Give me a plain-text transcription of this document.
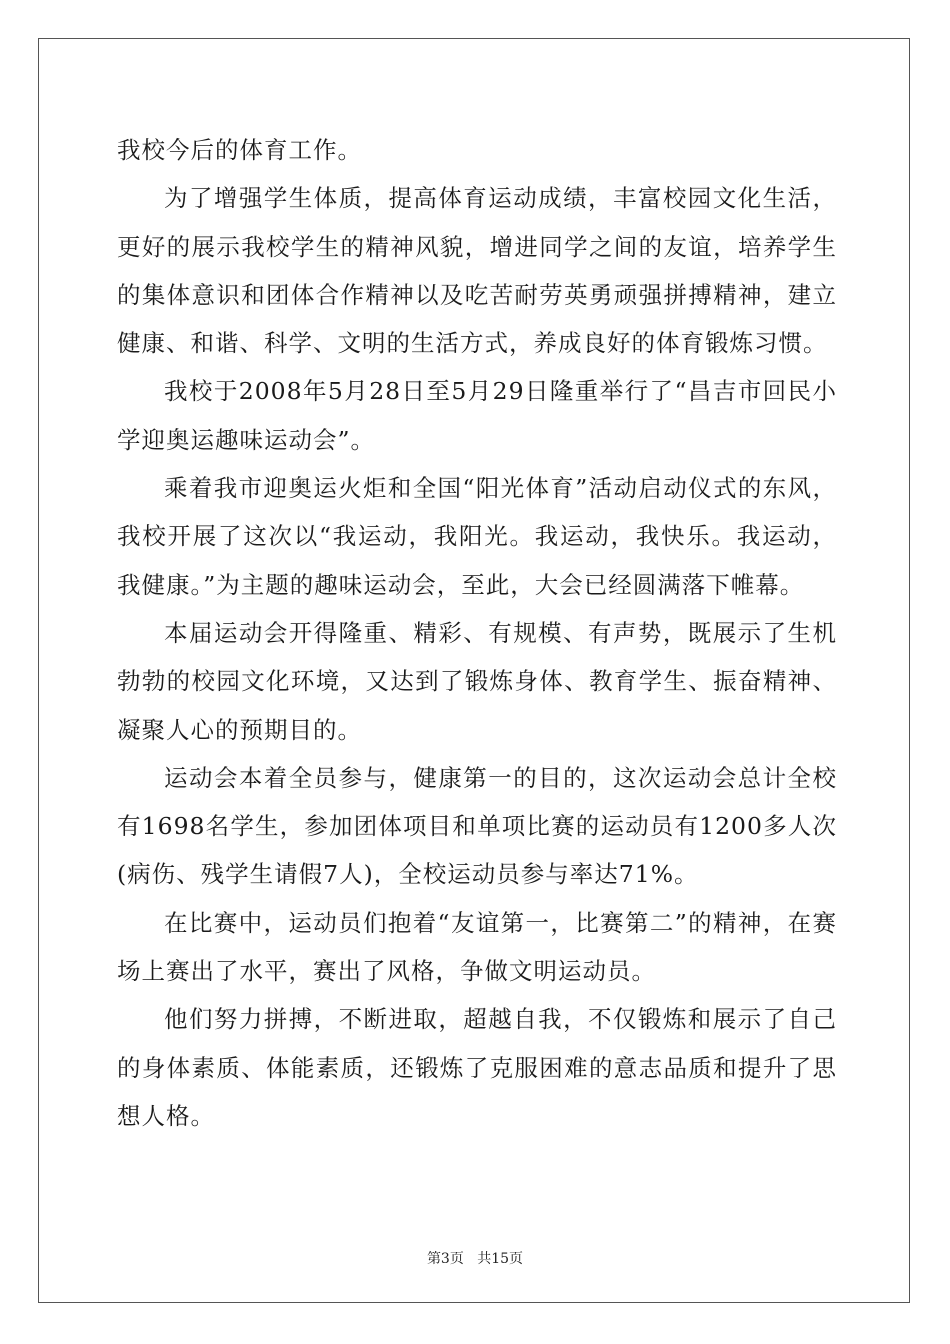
我校今后的体育工作。

为了增强学生体质，提高体育运动成绩，丰富校园文化生活，更好的展示我校学生的精神风貌，增进同学之间的友谊，培养学生的集体意识和团体合作精神以及吃苦耐劳英勇顽强拼搏精神，建立健康、和谐、科学、文明的生活方式，养成良好的体育锻炼习惯。

我校于2008年5月28日至5月29日隆重举行了“昌吉市回民小学迎奥运趣味运动会”。

乘着我市迎奥运火炬和全国“阳光体育”活动启动仪式的东风，我校开展了这次以“我运动，我阳光。我运动，我快乐。我运动，我健康。”为主题的趣味运动会，至此，大会已经圆满落下帷幕。

本届运动会开得隆重、精彩、有规模、有声势，既展示了生机勃勃的校园文化环境，又达到了锻炼身体、教育学生、振奋精神、凝聚人心的预期目的。

运动会本着全员参与，健康第一的目的，这次运动会总计全校有1698名学生，参加团体项目和单项比赛的运动员有1200多人次(病伤、残学生请假7人)，全校运动员参与率达71%。

在比赛中，运动员们抱着“友谊第一，比赛第二”的精神，在赛场上赛出了水平，赛出了风格，争做文明运动员。

他们努力拼搏，不断进取，超越自我，不仅锻炼和展示了自己的身体素质、体能素质，还锻炼了克服困难的意志品质和提升了思想人格。

第3页 共15页
